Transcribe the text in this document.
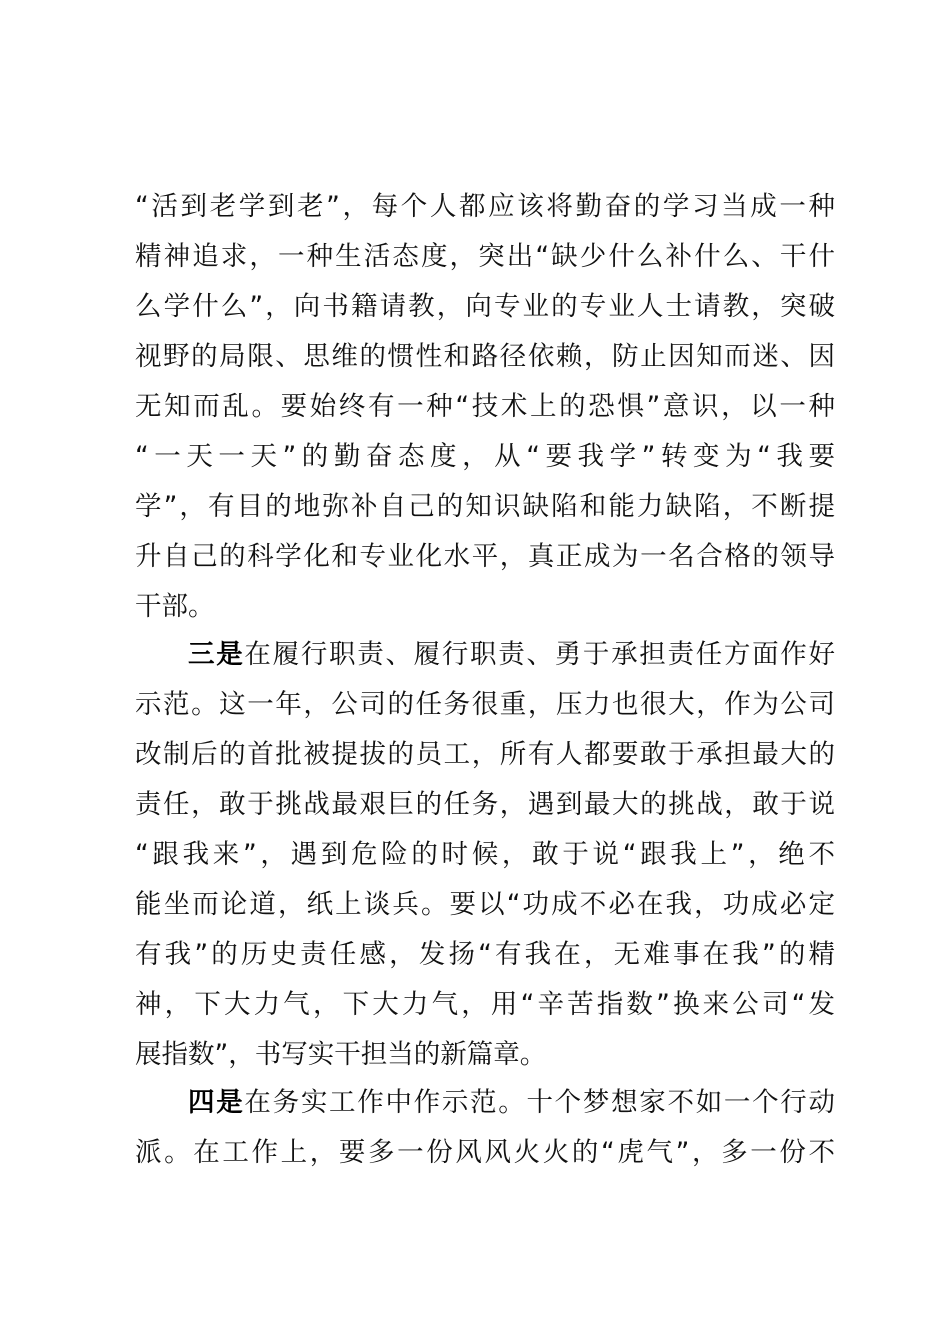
“活到老学到老”，每个人都应该将勤奋的学习当成一种
精神追求，一种生活态度，突出“缺少什么补什么、干什
么学什么”，向书籍请教，向专业的专业人士请教，突破
视野的局限、思维的惯性和路径依赖，防止因知而迷、因
无知而乱。要始终有一种“技术上的恐惧”意识，以一种
“一天一天”的勤奋态度，从“要我学”转变为“我要
学”，有目的地弥补自己的知识缺陷和能力缺陷，不断提
升自己的科学化和专业化水平，真正成为一名合格的领导
干部。
三是在履行职责、履行职责、勇于承担责任方面作好
示范。这一年，公司的任务很重，压力也很大，作为公司
改制后的首批被提拔的员工，所有人都要敢于承担最大的
责任，敢于挑战最艰巨的任务，遇到最大的挑战，敢于说
“跟我来”，遇到危险的时候，敢于说“跟我上”，绝不
能坐而论道，纸上谈兵。要以“功成不必在我，功成必定
有我”的历史责任感，发扬“有我在，无难事在我”的精
神，下大力气，下大力气，用“辛苦指数”换来公司“发
展指数”，书写实干担当的新篇章。
四是在务实工作中作示范。十个梦想家不如一个行动
派。在工作上，要多一份风风火火的“虎气”，多一份不
